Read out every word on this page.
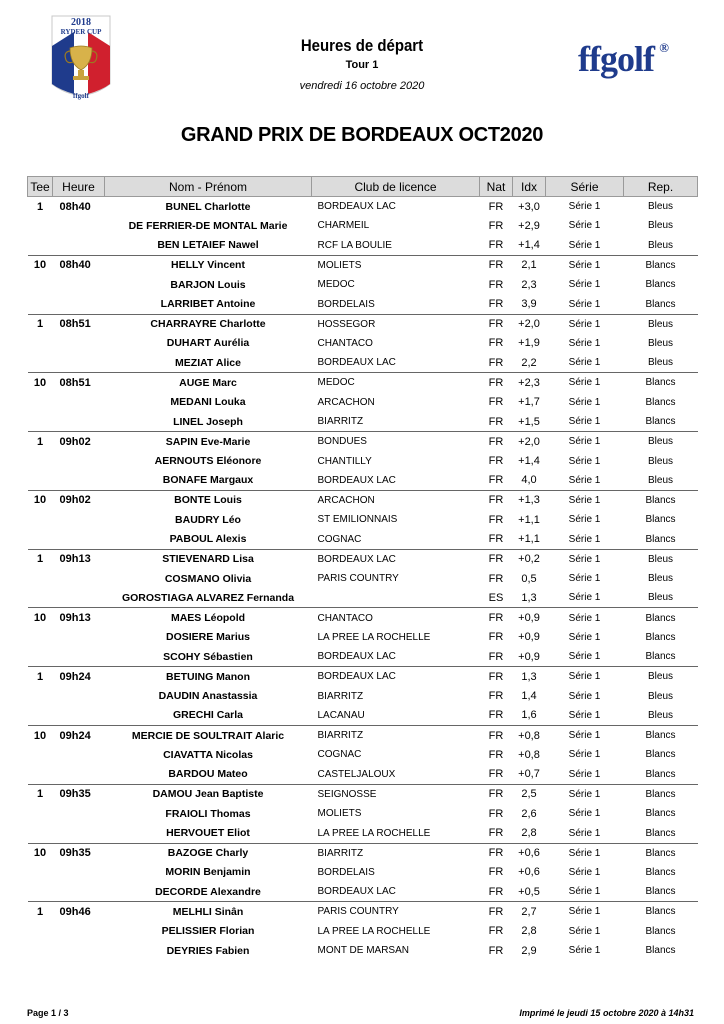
2018
RYDER CUP
ffgolf
ffgolf ®
Heures de départ
Tour 1
vendredi 16 octobre 2020
GRAND PRIX DE BORDEAUX OCT2020
Tee	Heure	Nom - Prénom	Club de licence	Nat	Idx	Série	Rep.
1	08h40	BUNEL Charlotte	BORDEAUX LAC	FR	+3,0	Série 1	Bleus
		DE FERRIER-DE MONTAL Marie	CHARMEIL	FR	+2,9	Série 1	Bleus
		BEN LETAIEF Nawel	RCF LA BOULIE	FR	+1,4	Série 1	Bleus
10	08h40	HELLY Vincent	MOLIETS	FR	2,1	Série 1	Blancs
		BARJON Louis	MEDOC	FR	2,3	Série 1	Blancs
		LARRIBET Antoine	BORDELAIS	FR	3,9	Série 1	Blancs
1	08h51	CHARRAYRE Charlotte	HOSSEGOR	FR	+2,0	Série 1	Bleus
		DUHART Aurélia	CHANTACO	FR	+1,9	Série 1	Bleus
		MEZIAT Alice	BORDEAUX LAC	FR	2,2	Série 1	Bleus
10	08h51	AUGE Marc	MEDOC	FR	+2,3	Série 1	Blancs
		MEDANI Louka	ARCACHON	FR	+1,7	Série 1	Blancs
		LINEL Joseph	BIARRITZ	FR	+1,5	Série 1	Blancs
1	09h02	SAPIN Eve-Marie	BONDUES	FR	+2,0	Série 1	Bleus
		AERNOUTS Eléonore	CHANTILLY	FR	+1,4	Série 1	Bleus
		BONAFE Margaux	BORDEAUX LAC	FR	4,0	Série 1	Bleus
10	09h02	BONTE Louis	ARCACHON	FR	+1,3	Série 1	Blancs
		BAUDRY Léo	ST EMILIONNAIS	FR	+1,1	Série 1	Blancs
		PABOUL Alexis	COGNAC	FR	+1,1	Série 1	Blancs
1	09h13	STIEVENARD Lisa	BORDEAUX LAC	FR	+0,2	Série 1	Bleus
		COSMANO Olivia	PARIS COUNTRY	FR	0,5	Série 1	Bleus
		GOROSTIAGA ALVAREZ Fernanda		ES	1,3	Série 1	Bleus
10	09h13	MAES Léopold	CHANTACO	FR	+0,9	Série 1	Blancs
		DOSIERE Marius	LA PREE LA ROCHELLE	FR	+0,9	Série 1	Blancs
		SCOHY Sébastien	BORDEAUX LAC	FR	+0,9	Série 1	Blancs
1	09h24	BETUING Manon	BORDEAUX LAC	FR	1,3	Série 1	Bleus
		DAUDIN Anastassia	BIARRITZ	FR	1,4	Série 1	Bleus
		GRECHI Carla	LACANAU	FR	1,6	Série 1	Bleus
10	09h24	MERCIE DE SOULTRAIT Alaric	BIARRITZ	FR	+0,8	Série 1	Blancs
		CIAVATTA Nicolas	COGNAC	FR	+0,8	Série 1	Blancs
		BARDOU Mateo	CASTELJALOUX	FR	+0,7	Série 1	Blancs
1	09h35	DAMOU Jean Baptiste	SEIGNOSSE	FR	2,5	Série 1	Blancs
		FRAIOLI Thomas	MOLIETS	FR	2,6	Série 1	Blancs
		HERVOUET Eliot	LA PREE LA ROCHELLE	FR	2,8	Série 1	Blancs
10	09h35	BAZOGE Charly	BIARRITZ	FR	+0,6	Série 1	Blancs
		MORIN Benjamin	BORDELAIS	FR	+0,6	Série 1	Blancs
		DECORDE Alexandre	BORDEAUX LAC	FR	+0,5	Série 1	Blancs
1	09h46	MELHLI Sinân	PARIS COUNTRY	FR	2,7	Série 1	Blancs
		PELISSIER Florian	LA PREE LA ROCHELLE	FR	2,8	Série 1	Blancs
		DEYRIES Fabien	MONT DE MARSAN	FR	2,9	Série 1	Blancs
Page 1 / 3	Imprimé le jeudi 15 octobre 2020 à 14h31
